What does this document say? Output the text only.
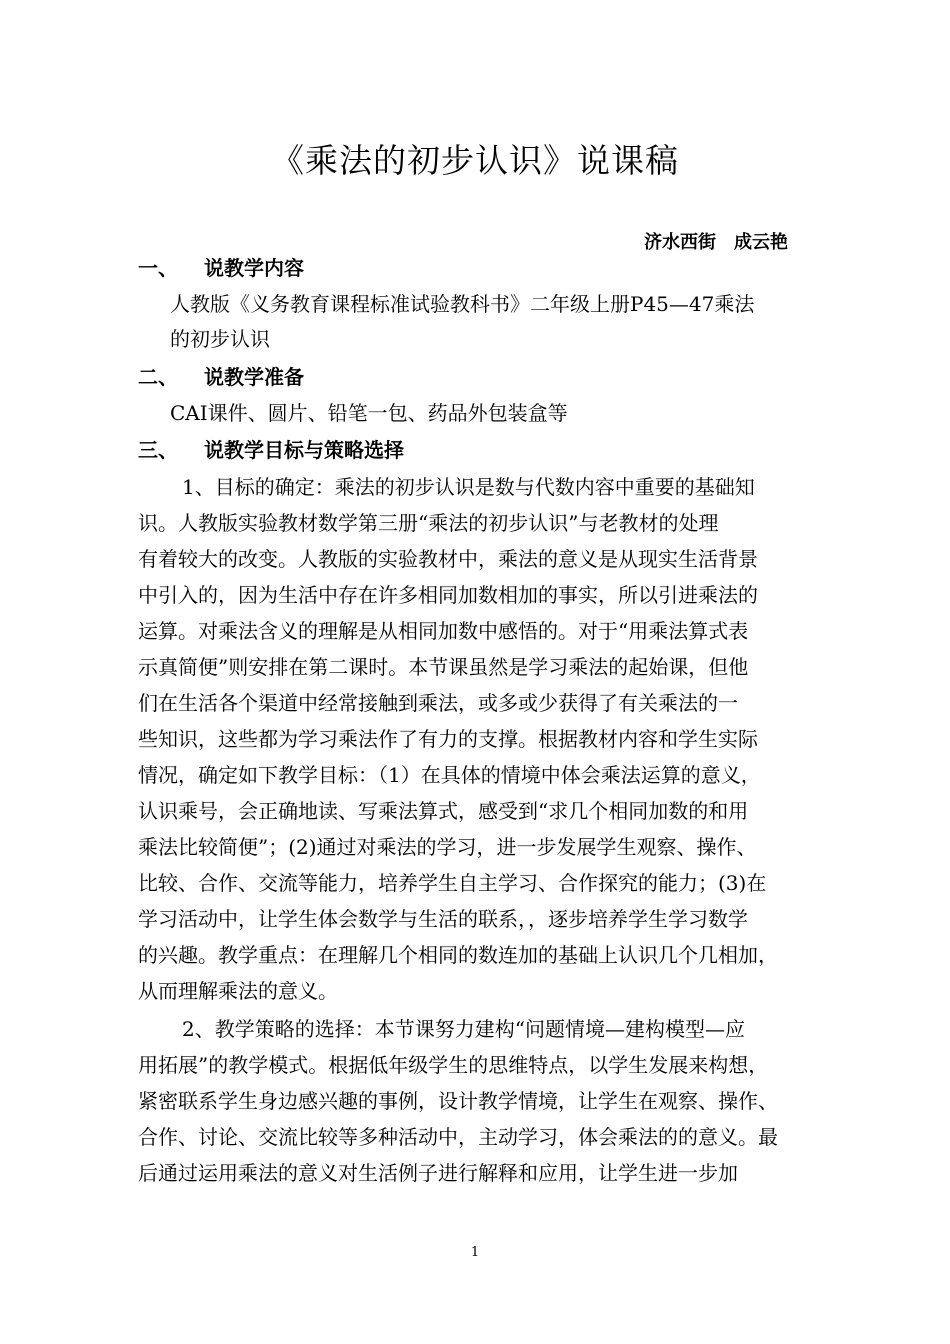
《乘法的初步认识》说课稿
济水西街　成云艳
一、 说教学内容

人教版《义务教育课程标准试验教科书》二年级上册P45—47乘法

的初步认识

二、 说教学准备

CAI课件、圆片、铅笔一包、药品外包装盒等

三、 说教学目标与策略选择

1、目标的确定：乘法的初步认识是数与代数内容中重要的基础知

识。人教版实验教材数学第三册“乘法的初步认识”与老教材的处理

有着较大的改变。人教版的实验教材中，乘法的意义是从现实生活背景

中引入的，因为生活中存在许多相同加数相加的事实，所以引进乘法的

运算。对乘法含义的理解是从相同加数中感悟的。对于“用乘法算式表

示真简便”则安排在第二课时。本节课虽然是学习乘法的起始课，但他

们在生活各个渠道中经常接触到乘法，或多或少获得了有关乘法的一

些知识，这些都为学习乘法作了有力的支撑。根据教材内容和学生实际

情况，确定如下教学目标：（1）在具体的情境中体会乘法运算的意义，

认识乘号，会正确地读、写乘法算式，感受到“求几个相同加数的和用

乘法比较简便”；(2)通过对乘法的学习，进一步发展学生观察、操作、

比较、合作、交流等能力，培养学生自主学习、合作探究的能力；(3)在

学习活动中，让学生体会数学与生活的联系，，逐步培养学生学习数学

的兴趣。教学重点：在理解几个相同的数连加的基础上认识几个几相加，

从而理解乘法的意义。

2、教学策略的选择：本节课努力建构“问题情境—建构模型—应

用拓展”的教学模式。根据低年级学生的思维特点，以学生发展来构想，

紧密联系学生身边感兴趣的事例，设计教学情境，让学生在观察、操作、

合作、讨论、交流比较等多种活动中，主动学习，体会乘法的的意义。最

后通过运用乘法的意义对生活例子进行解释和应用，让学生进一步加

1
